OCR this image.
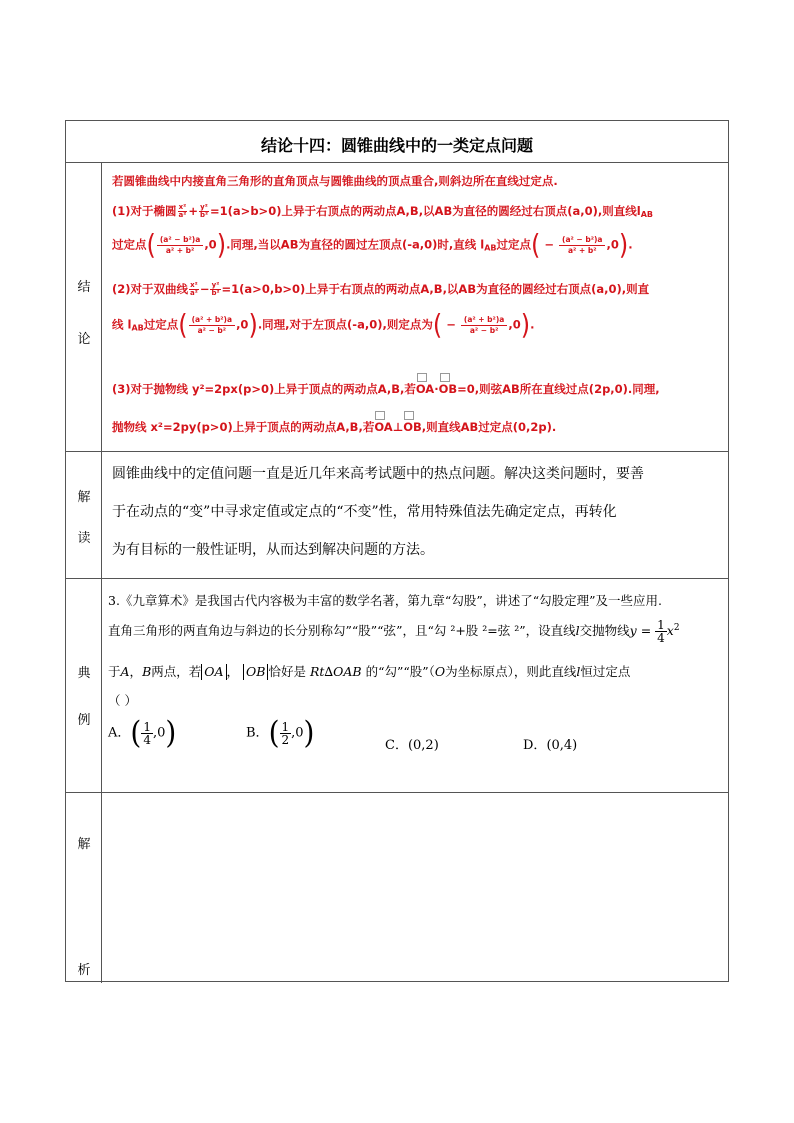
结论十四：圆锥曲线中的一类定点问题
结
论
若圆锥曲线中内接直角三角形的直角顶点与圆锥曲线的顶点重合,则斜边所在直线过定点.
(1)对于椭圆 $\frac{\text{x²}}{\text{a²}} + \frac{\text{y²}}{\text{b²}} =1(a>b>0)$上异于右顶点的两动点A,B,以AB为直径的圆经过右顶点(a,0),则直线$l_{AB}$
过定点( $\frac{\text{(a² − b²)a}}{\text{a² + b²}} ,0$).同理,当以AB为直径的圆过左顶点(-a,0)时,直线 $l_{AB}$过定点( − $\frac{\text{(a² − b²)a}}{\text{a² + b²}} ,0$).
(2)对于双曲线 $\frac{\text{x²}}{\text{a²}} - \frac{\text{y²}}{\text{b²}} =1(a>0,b>0)$上异于右顶点的两动点A,B,以AB为直径的圆经过右顶点(a,0),则直
线 $l_{AB}$过定点( $\frac{\text{(a² + b²)a}}{\text{a² − b²}} ,0$).同理,对于左顶点(-a,0),则定点为( − $\frac{\text{(a² + b²)a}}{\text{a² − b²}} ,0$).
(3)对于抛物线 y²=2px(p>0)上异于顶点的两动点A,B,若OA·OB=0,则弦AB所在直线过点(2p,0).同理,
抛物线 x²=2py(p>0)上异于顶点的两动点A,B,若OA⊥OB,则直线AB过定点(0,2p).
解
读
圆锥曲线中的定值问题一直是近几年来高考试题中的热点问题。解决这类问题时，要善
于在动点的“变”中寻求定值或定点的“不变”性，常用特殊值法先确定定点，再转化
为有目标的一般性证明，从而达到解决问题的方法。
典
例
3.《九章算术》是我国古代内容极为丰富的数学名著，第九章“勾股”，讲述了“勾股定理”及一些应用.
直角三角形的两直角边与斜边的长分别称勾”“股”“弦”，且“勾 ²+股 ²=弦 ²”，设直线l交抛物线$y = \frac{1}{4} x^2$
于A，B两点，若 OA ， OB 恰好是 Rt∆OAB 的“勾”“股”（O为坐标原点），则此直线l恒过定点
（ ）
A．( $\frac{1}{4} ,0$)	B．( $\frac{1}{2} ,0$)	C．(0,2)	D．(0,4)
解
析
